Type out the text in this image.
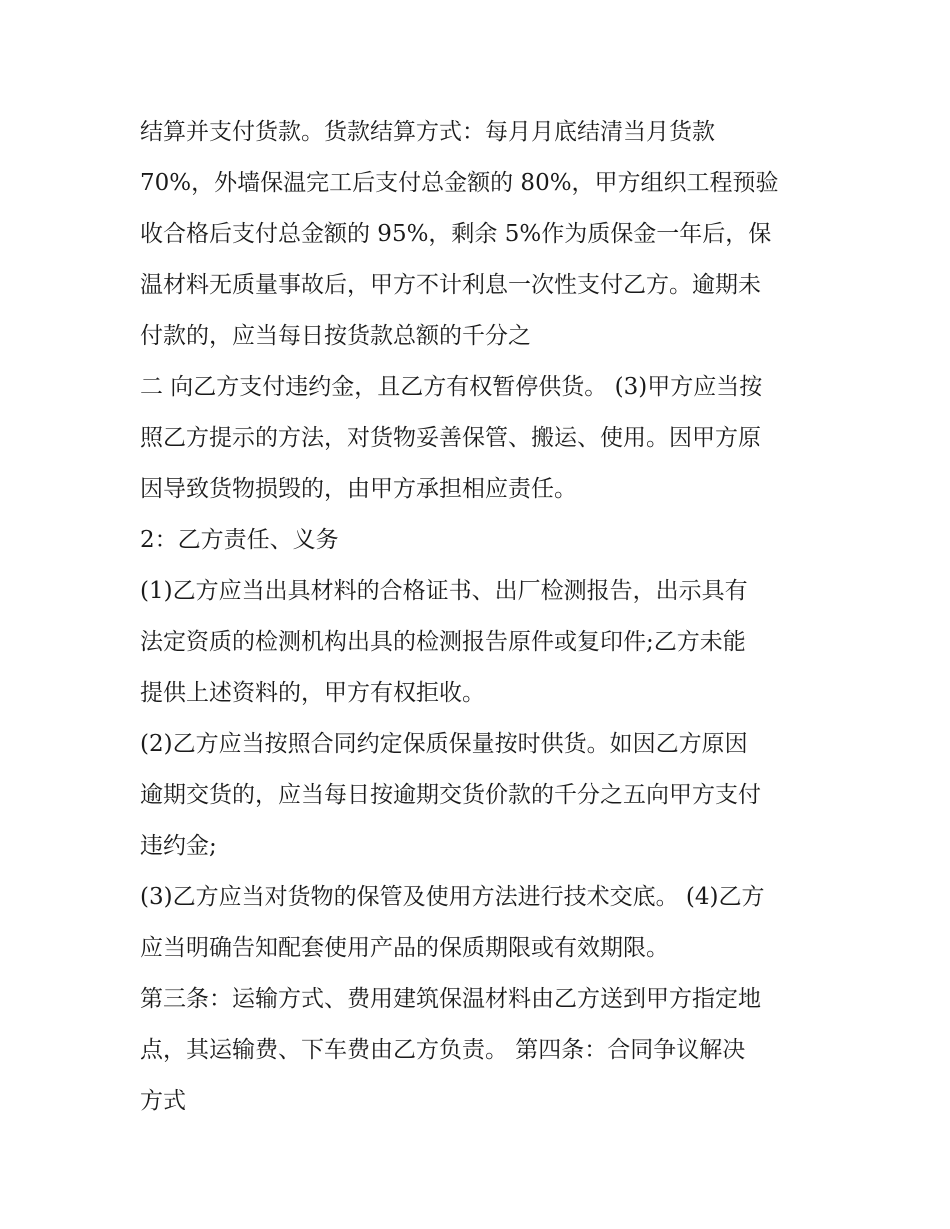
结算并支付货款。货款结算方式：每月月底结清当月货款
70%，外墙保温完工后支付总金额的 80%，甲方组织工程预验
收合格后支付总金额的 95%，剩余 5%作为质保金一年后，保
温材料无质量事故后，甲方不计利息一次性支付乙方。逾期未
付款的，应当每日按货款总额的千分之
二 向乙方支付违约金，且乙方有权暂停供货。 (3)甲方应当按
照乙方提示的方法，对货物妥善保管、搬运、使用。因甲方原
因导致货物损毁的，由甲方承担相应责任。
2：乙方责任、义务
(1)乙方应当出具材料的合格证书、出厂检测报告，出示具有
法定资质的检测机构出具的检测报告原件或复印件;乙方未能
提供上述资料的，甲方有权拒收。
(2)乙方应当按照合同约定保质保量按时供货。如因乙方原因
逾期交货的，应当每日按逾期交货价款的千分之五向甲方支付
违约金;
(3)乙方应当对货物的保管及使用方法进行技术交底。 (4)乙方
应当明确告知配套使用产品的保质期限或有效期限。
第三条：运输方式、费用建筑保温材料由乙方送到甲方指定地
点，其运输费、下车费由乙方负责。 第四条：合同争议解决
方式
